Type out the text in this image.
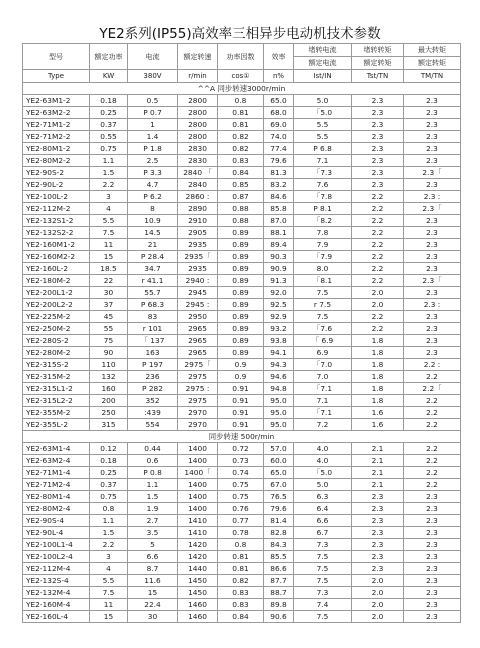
YE2系列(IP55)高效率三相异步电动机技术参数
型号	额定功率	电流	额定转速	功率因数	效率	堵转电流	堵转转矩	最大转矩
						额定电流	额定转矩	额定转矩
Type	KW	380V	r/min	cos①	n%	Ist/IN	Tst/TN	TM/TN
^^A 同步转速3000r/min								
YE2-63M1-2	0.18	0.5	2800	0.8	65.0	5.0	2.3	2.3
YE2-63M2-2	0.25	P 0.7	2800	0.81	68.0	「5.0	2.3	2.3
YE2-71M1-2	0.37	1	2800	0.81	69.0	5.5	2.3	2.3
YE2-71M2-2	0.55	1.4	2800	0.82	74.0	5.5	2.3	2.3
YE2-80M1-2	0.75	P 1.8	2830	0.82	77.4	P 6.8	2.3	2.3
YE2-80M2-2	1.1	2.5	2830	0.83	79.6	7.1	2.3	2.3
YE2-90S-2	1.5	P 3.3	2840 「	0.84	81.3	「7.3	2.3	2.3「
YE2-90L-2	2.2	4.7	2840	0.85	83.2	7.6	2.3	2.3
YE2-100L-2	3	P 6.2	2860 :	0.87	84.6	「7.8	2.2	2.3 :
YE2-112M-2	4	8	2890	0.88	85.8	P 8.1	2.2	2.3「
YE2-132S1-2	5.5	10.9	2910	0.88	87.0	「8.2	2.2	2.3
YE2-132S2-2	7.5	14.5	2905	0.89	88.1	7.8	2.2	2.3
YE2-160M1-2	11	21	2935	0.89	89.4	7.9	2.2	2.3
YE2-160M2-2	15	P 28.4	2935「	0.89	90.3	「7.9	2.2	2.3
YE2-160L-2	18.5	34.7	2935	0.89	90.9	8.0	2.2	2.3
YE2-180M-2	22	r 41.1	2940 :	0.89	91.3	「8.1	2.2	2.3「
YE2-200L1-2	30	55.7	2945	0.89	92.0	7.5	2.0	2.3
YE2-200L2-2	37	P 68.3	2945 :	0.89	92.5	r 7.5	2.0	2.3 :
YE2-225M-2	45	83	2950	0.89	92.9	7.5	2.2	2.3
YE2-250M-2	55	r 101	2965	0.89	93.2	「7.6	2.2	2.3
YE2-280S-2	75	「 137	2965	0.89	93.8	「 6.9	1.8	2.3
YE2-280M-2	90	163	2965	0.89	94.1	6.9	1.8	2.3
YE2-315S-2	110	P 197	2975「	0.9	94.3	「7.0	1.8	2.2 :
YE2-315M-2	132	236	2975	0.9	94.6	7.0	1.8	2.2
YE2-315L1-2	160	P 282	2975 :	0.91	94.8	「7.1	1.8	2.2「
YE2-315L2-2	200	352	2975	0.91	95.0	7.1	1.8	2.2
YE2-355M-2	250	:439	2970	0.91	95.0	「7.1	1.6	2.2
YE2-355L-2	315	554	2970	0.91	95.0	7.2	1.6	2.2
同步转速 500r/min								
YE2-63M1-4	0.12	0.44	1400	0.72	57.0	4.0	2.1	2.2
YE2-63M2-4	0.18	0.6	1400	0.73	60.0	4.0	2.1	2.2
YE2-71M1-4	0.25	P 0.8	1400「	0.74	65.0	「5.0	2.1	2.2
YE2-71M2-4	0.37	1.1	1400	0.75	67.0	5.0	2.1	2.2
YE2-80M1-4	0.75	1.5	1400	0.75	76.5	6.3	2.3	2.3
YE2-80M2-4	0.8	1.9	1400	0.76	79.6	6.4	2.3	2.3
YE2-90S-4	1.1	2.7	1410	0.77	81.4	6.6	2.3	2.3
YE2-90L-4	1.5	3.5	1410	0.78	82.8	6.7	2.3	2.3
YE2-100L1-4	2.2	5	1420	0.8	84.3	7.3	2.3	2.3
YE2-100L2-4	3	6.6	1420	0.81	85.5	7.5	2.3	2.3
YE2-112M-4	4	8.7	1440	0.81	86.6	7.5	2.3	2.3
YE2-132S-4	5.5	11.6	1450	0.82	87.7	7.5	2.0	2.3
YE2-132M-4	7.5	15	1450	0.83	88.7	7.3	2.0	2.3
YE2-160M-4	11	22.4	1460	0.83	89.8	7.4	2.0	2.3
YE2-160L-4	15	30	1460	0.84	90.6	7.5	2.0	2.3
